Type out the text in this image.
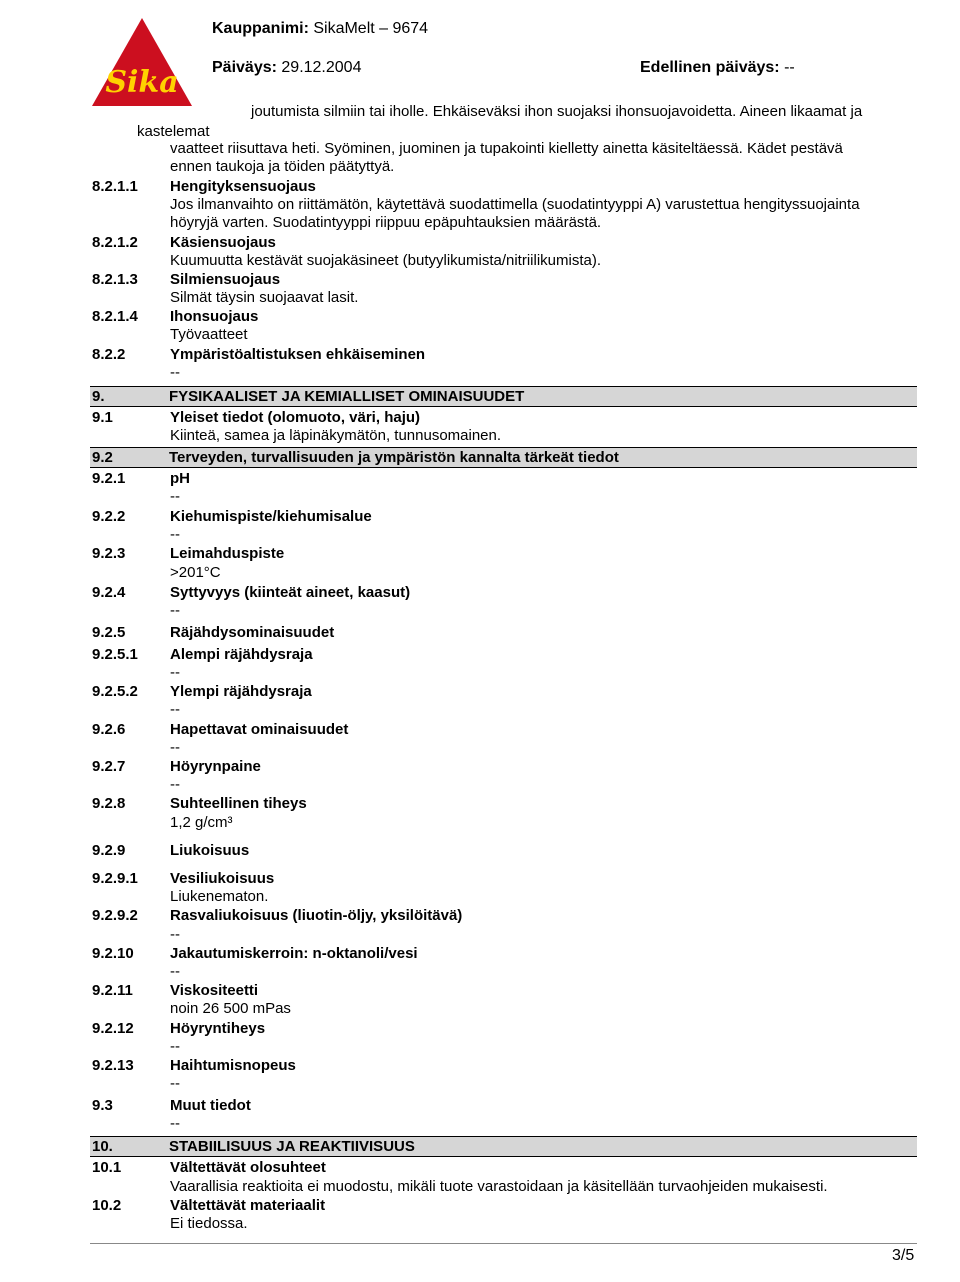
Sika
Kauppanimi: SikaMelt – 9674
Päiväys: 29.12.2004	Edellinen päiväys: --
joutumista silmiin tai iholle. Ehkäiseväksi ihon suojaksi ihonsuojavoidetta. Aineen likaamat ja
kastelemat
vaatteet riisuttava heti. Syöminen, juominen ja tupakointi kielletty ainetta käsiteltäessä. Kädet pestävä
ennen taukoja ja töiden päätyttyä.
8.2.1.1 Hengityksensuojaus
Jos ilmanvaihto on riittämätön, käytettävä suodattimella (suodatintyyppi A) varustettua hengityssuojainta
höyryjä varten. Suodatintyyppi riippuu epäpuhtauksien määrästä.
8.2.1.2 Käsiensuojaus
Kuumuutta kestävät suojakäsineet (butyylikumista/nitriilikumista).
8.2.1.3 Silmiensuojaus
Silmät täysin suojaavat lasit.
8.2.1.4 Ihonsuojaus
Työvaatteet
8.2.2	Ympäristöaltistuksen ehkäiseminen
--
9.	FYSIKAALISET JA KEMIALLISET OMINAISUUDET
9.1	Yleiset tiedot (olomuoto, väri, haju)
Kiinteä, samea ja läpinäkymätön, tunnusomainen.
9.2	Terveyden, turvallisuuden ja ympäristön kannalta tärkeät tiedot
9.2.1	pH
--
9.2.2	Kiehumispiste/kiehumisalue
--
9.2.3	Leimahduspiste
>201°C
9.2.4	Syttyvyys (kiinteät aineet, kaasut)
--
9.2.5	Räjähdysominaisuudet
9.2.5.1 Alempi räjähdysraja
--
9.2.5.2 Ylempi räjähdysraja
--
9.2.6	Hapettavat ominaisuudet
--
9.2.7	Höyrynpaine
--
9.2.8	Suhteellinen tiheys
1,2 g/cm³
9.2.9	Liukoisuus
9.2.9.1 Vesiliukoisuus
Liukenematon.
9.2.9.2 Rasvaliukoisuus (liuotin-öljy, yksilöitävä)
--
9.2.10 Jakautumiskerroin: n-oktanoli/vesi
--
9.2.11 Viskositeetti
noin 26 500 mPas
9.2.12 Höyryntiheys
--
9.2.13 Haihtumisnopeus
--
9.3	Muut tiedot
--
10.	STABIILISUUS JA REAKTIIVISUUS
10.1	Vältettävät olosuhteet
Vaarallisia reaktioita ei muodostu, mikäli tuote varastoidaan ja käsitellään turvaohjeiden mukaisesti.
10.2	Vältettävät materiaalit
Ei tiedossa.
3/5
